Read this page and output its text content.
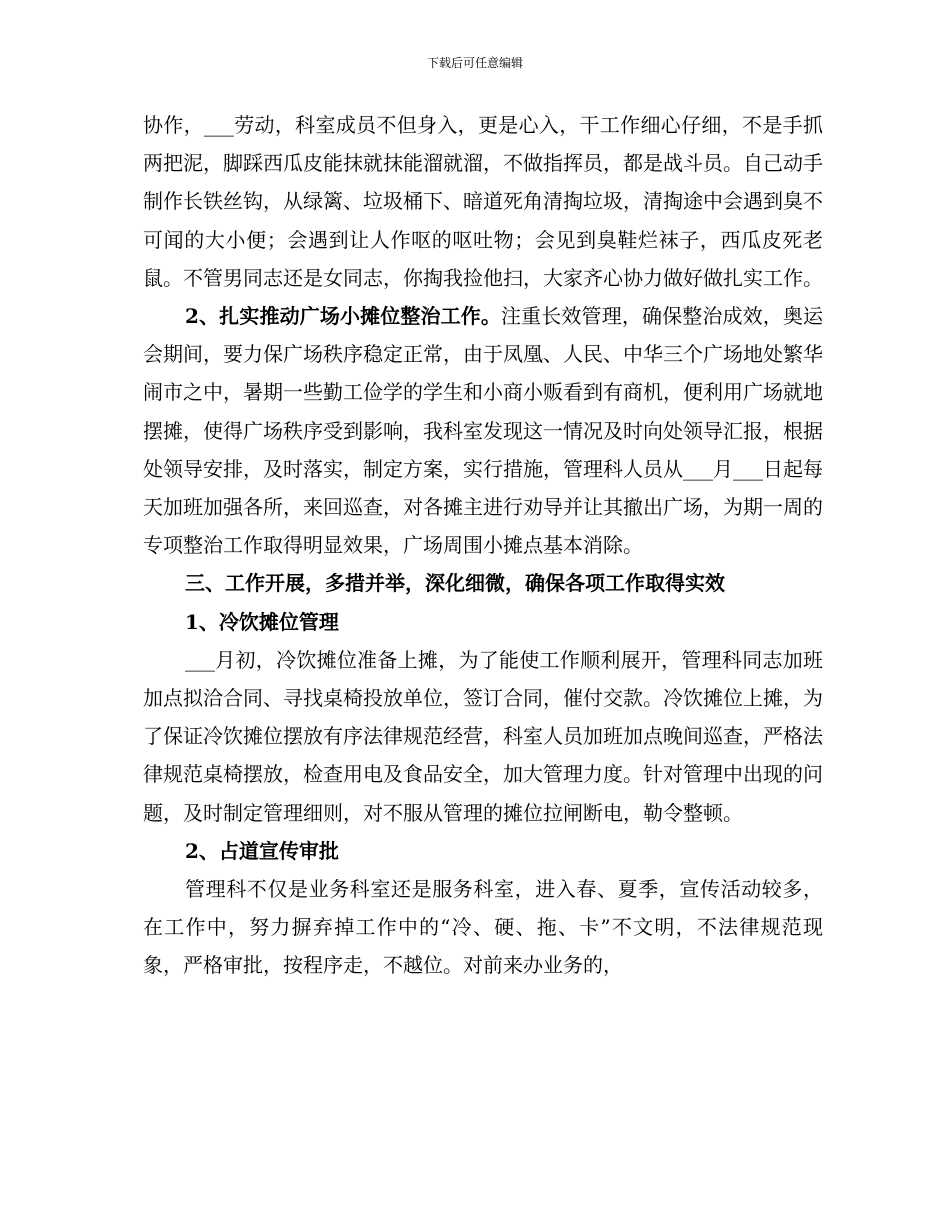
下载后可任意编辑

协作，___劳动，科室成员不但身入，更是心入，干工作细心仔细，不是手抓两把泥，脚踩西瓜皮能抹就抹能溜就溜，不做指挥员，都是战斗员。自己动手制作长铁丝钩，从绿篱、垃圾桶下、暗道死角清掏垃圾，清掏途中会遇到臭不可闻的大小便；会遇到让人作呕的呕吐物；会见到臭鞋烂袜子，西瓜皮死老鼠。不管男同志还是女同志，你掏我捡他扫，大家齐心协力做好做扎实工作。

2、扎实推动广场小摊位整治工作。注重长效管理，确保整治成效，奥运会期间，要力保广场秩序稳定正常，由于凤凰、人民、中华三个广场地处繁华闹市之中，暑期一些勤工俭学的学生和小商小贩看到有商机，便利用广场就地摆摊，使得广场秩序受到影响，我科室发现这一情况及时向处领导汇报，根据处领导安排，及时落实，制定方案，实行措施，管理科人员从___月___日起每天加班加强各所，来回巡查，对各摊主进行劝导并让其撤出广场，为期一周的专项整治工作取得明显效果，广场周围小摊点基本消除。

三、工作开展，多措并举，深化细微，确保各项工作取得实效

1、冷饮摊位管理

___月初，冷饮摊位准备上摊，为了能使工作顺利展开，管理科同志加班加点拟洽合同、寻找桌椅投放单位，签订合同，催付交款。冷饮摊位上摊，为了保证冷饮摊位摆放有序法律规范经营，科室人员加班加点晚间巡查，严格法律规范桌椅摆放，检查用电及食品安全，加大管理力度。针对管理中出现的问题，及时制定管理细则，对不服从管理的摊位拉闸断电，勒令整顿。

2、占道宣传审批

管理科不仅是业务科室还是服务科室，进入春、夏季，宣传活动较多，在工作中，努力摒弃掉工作中的“冷、硬、拖、卡”不文明，不法律规范现象，严格审批，按程序走，不越位。对前来办业务的，
